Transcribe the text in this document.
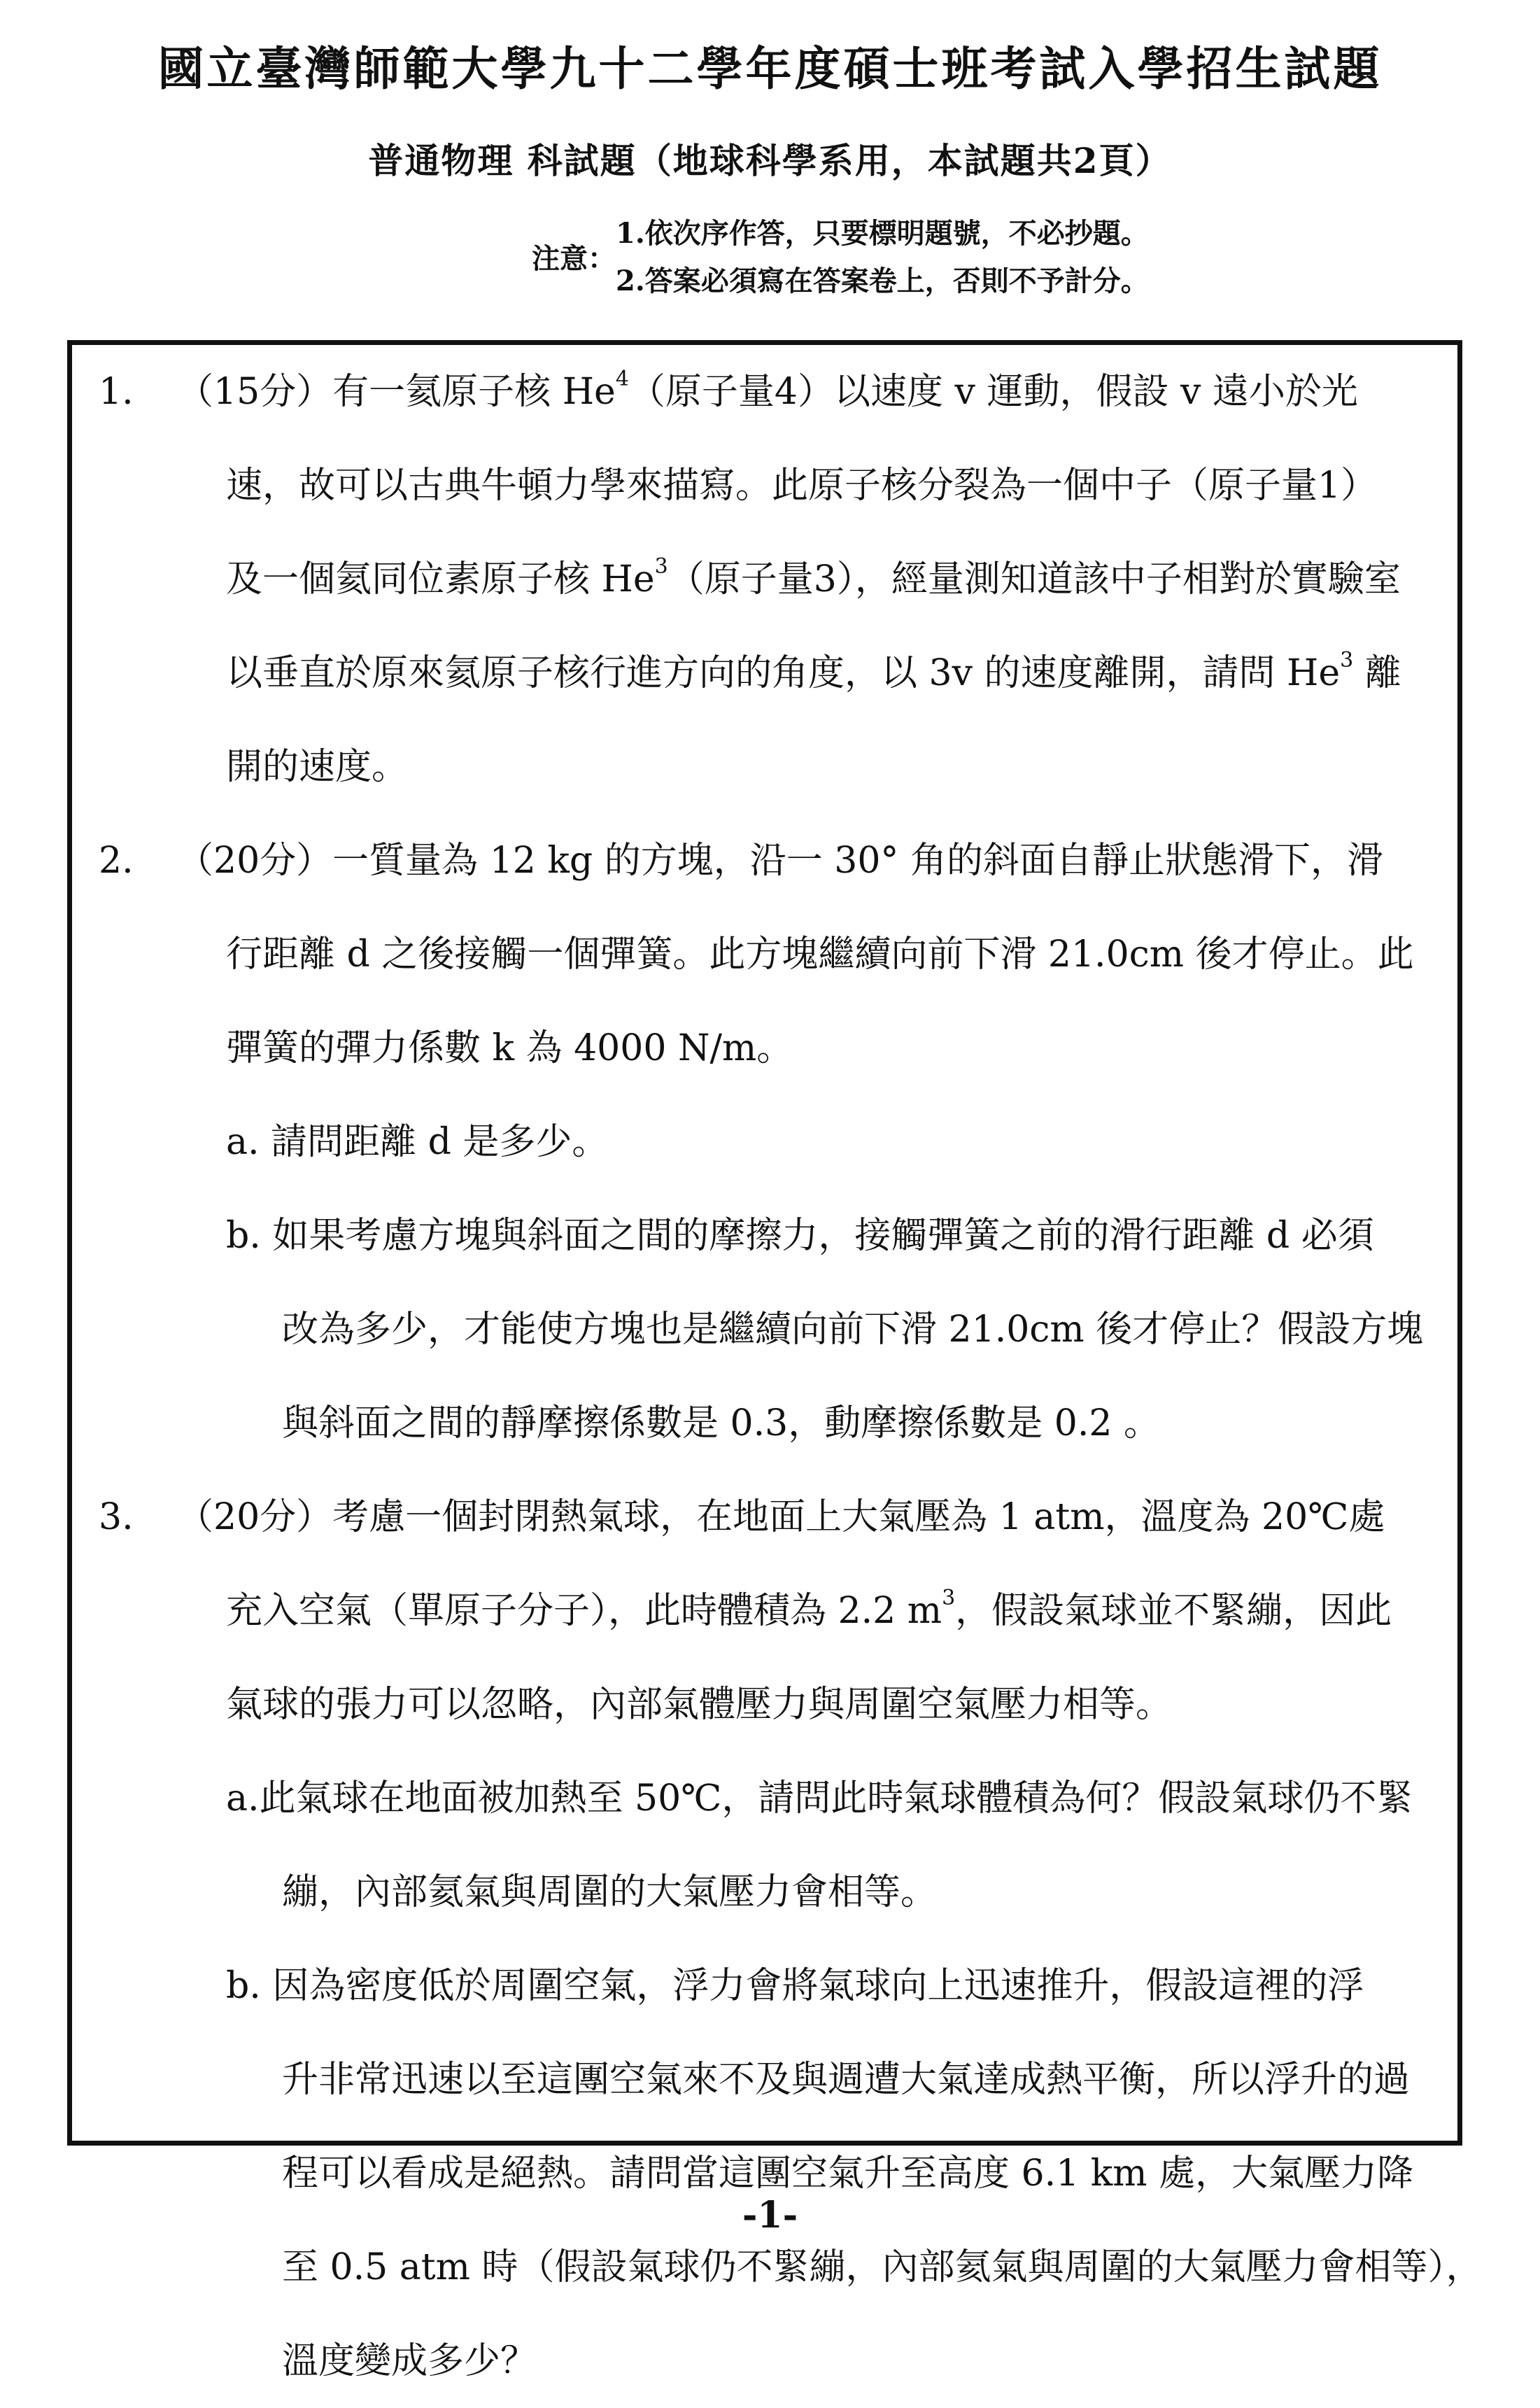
國立臺灣師範大學九十二學年度碩士班考試入學招生試題
普通物理 科試題（地球科學系用，本試題共2頁）
注意：
1.依次序作答，只要標明題號，不必抄題。
2.答案必須寫在答案卷上，否則不予計分。
1.	（15分）有一氦原子核 He$^4$（原子量4）以速度 v 運動，假設 v 遠小於光
速，故可以古典牛頓力學來描寫。此原子核分裂為一個中子（原子量1）
及一個氦同位素原子核 He$^3$（原子量3），經量測知道該中子相對於實驗室
以垂直於原來氦原子核行進方向的角度，以 3v 的速度離開，請問 He$^3$ 離
開的速度。
2.	（20分）一質量為 12 kg 的方塊，沿一 30° 角的斜面自靜止狀態滑下，滑
行距離 d 之後接觸一個彈簧。此方塊繼續向前下滑 21.0cm 後才停止。此
彈簧的彈力係數 k 為 4000 N/m。
a. 請問距離 d 是多少。
b. 如果考慮方塊與斜面之間的摩擦力，接觸彈簧之前的滑行距離 d 必須
改為多少，才能使方塊也是繼續向前下滑 21.0cm 後才停止？假設方塊
與斜面之間的靜摩擦係數是 0.3，動摩擦係數是 0.2 。
3.	（20分）考慮一個封閉熱氣球，在地面上大氣壓為 1 atm，溫度為 20℃處
充入空氣（單原子分子），此時體積為 2.2 $m^3$，假設氣球並不緊繃，因此
氣球的張力可以忽略，內部氣體壓力與周圍空氣壓力相等。
a.此氣球在地面被加熱至 50℃，請問此時氣球體積為何？假設氣球仍不緊
繃，內部氦氣與周圍的大氣壓力會相等。
b. 因為密度低於周圍空氣，浮力會將氣球向上迅速推升，假設這裡的浮
升非常迅速以至這團空氣來不及與週遭大氣達成熱平衡，所以浮升的過
程可以看成是絕熱。請問當這團空氣升至高度 6.1 km 處，大氣壓力降
至 0.5 atm 時（假設氣球仍不緊繃，內部氦氣與周圍的大氣壓力會相等），
溫度變成多少？
-1-
